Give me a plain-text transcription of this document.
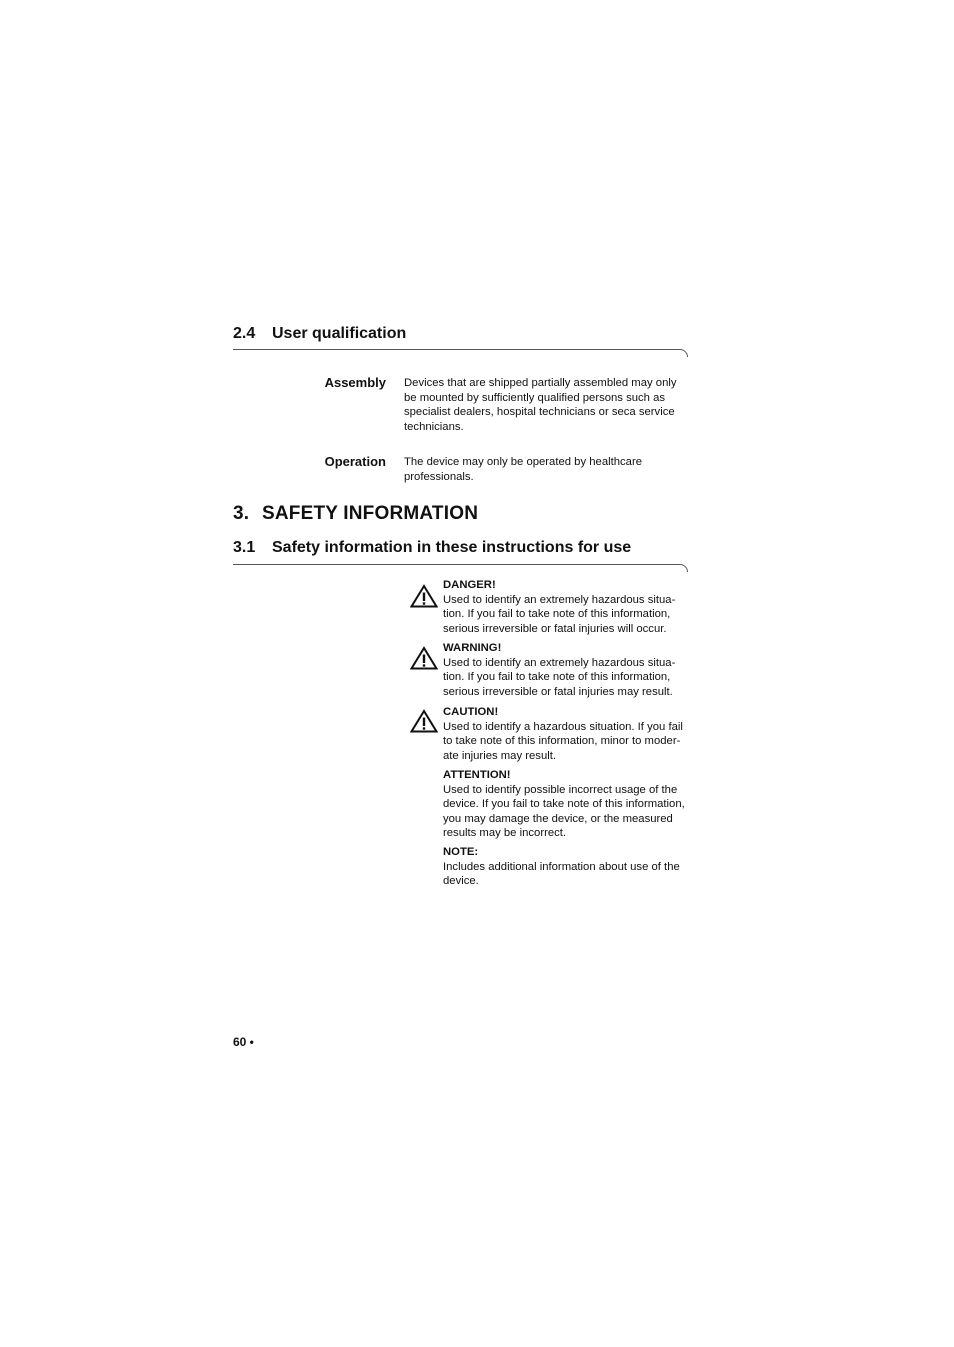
2.4 User qualification
Assembly Devices that are shipped partially assembled may only
be mounted by sufficiently qualified persons such as
specialist dealers, hospital technicians or seca service
technicians.
Operation The device may only be operated by healthcare
professionals.
3. SAFETY INFORMATION
3.1 Safety information in these instructions for use
DANGER!
Used to identify an extremely hazardous situa-
tion. If you fail to take note of this information,
serious irreversible or fatal injuries will occur.
WARNING!
Used to identify an extremely hazardous situa-
tion. If you fail to take note of this information,
serious irreversible or fatal injuries may result.
CAUTION!
Used to identify a hazardous situation. If you fail
to take note of this information, minor to moder-
ate injuries may result.
ATTENTION!
Used to identify possible incorrect usage of the
device. If you fail to take note of this information,
you may damage the device, or the measured
results may be incorrect.
NOTE:
Includes additional information about use of the
device.
60 •
